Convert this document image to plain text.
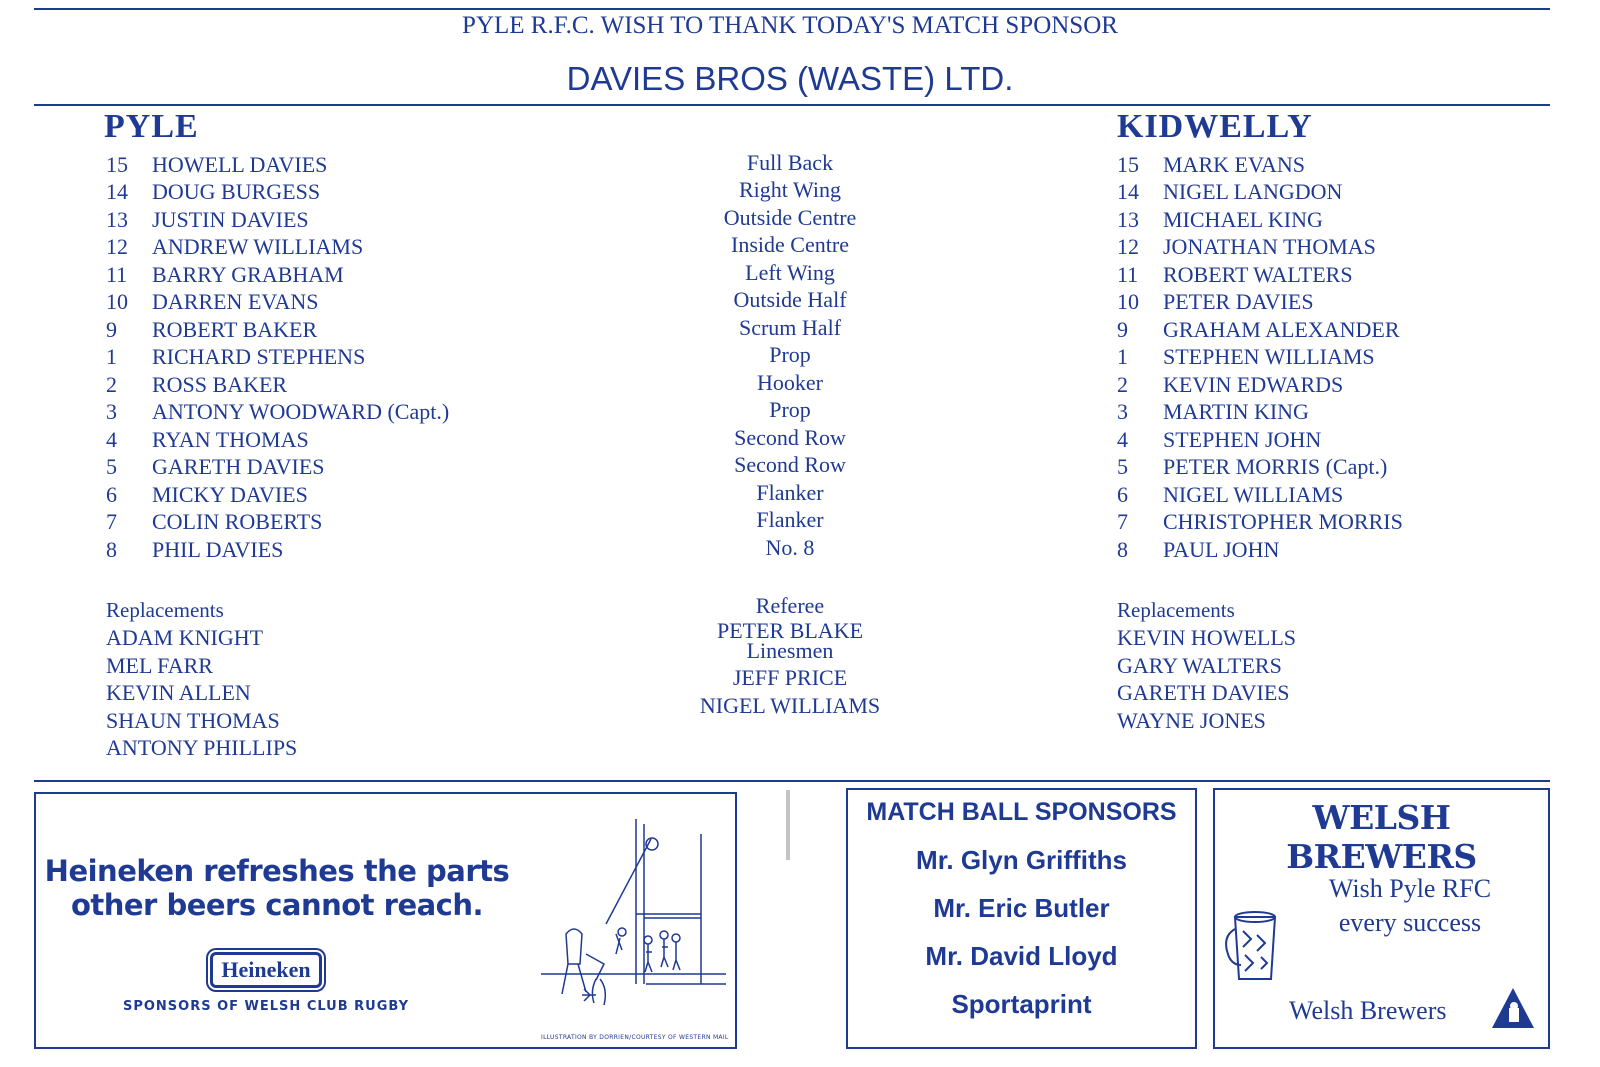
PYLE R.F.C. WISH TO THANK TODAY'S MATCH SPONSOR
DAVIES BROS (WASTE) LTD.
PYLE	KIDWELLY
15 HOWELL DAVIES
14 DOUG BURGESS
13 JUSTIN DAVIES
12 ANDREW WILLIAMS
11 BARRY GRABHAM
10 DARREN EVANS
9 ROBERT BAKER
1 RICHARD STEPHENS
2 ROSS BAKER
3 ANTONY WOODWARD (Capt.)
4 RYAN THOMAS
5 GARETH DAVIES
6 MICKY DAVIES
7 COLIN ROBERTS
8 PHIL DAVIES
Full Back
Right Wing
Outside Centre
Inside Centre
Left Wing
Outside Half
Scrum Half
Prop
Hooker
Prop
Second Row
Second Row
Flanker
Flanker
No. 8
15 MARK EVANS
14 NIGEL LANGDON
13 MICHAEL KING
12 JONATHAN THOMAS
11 ROBERT WALTERS
10 PETER DAVIES
9 GRAHAM ALEXANDER
1 STEPHEN WILLIAMS
2 KEVIN EDWARDS
3 MARTIN KING
4 STEPHEN JOHN
5 PETER MORRIS (Capt.)
6 NIGEL WILLIAMS
7 CHRISTOPHER MORRIS
8 PAUL JOHN
Replacements
ADAM KNIGHT
MEL FARR
KEVIN ALLEN
SHAUN THOMAS
ANTONY PHILLIPS
Referee
PETER BLAKE
Linesmen
JEFF PRICE
NIGEL WILLIAMS
Replacements
KEVIN HOWELLS
GARY WALTERS
GARETH DAVIES
WAYNE JONES
Heineken refreshes the parts
other beers cannot reach.
Heineken
SPONSORS OF WELSH CLUB RUGBY
ILLUSTRATION BY DORRIEN/COURTESY OF WESTERN MAIL
MATCH BALL SPONSORS
Mr. Glyn Griffiths
Mr. Eric Butler
Mr. David Lloyd
Sportaprint
WELSH BREWERS
Wish Pyle RFC
every success
Welsh Brewers
